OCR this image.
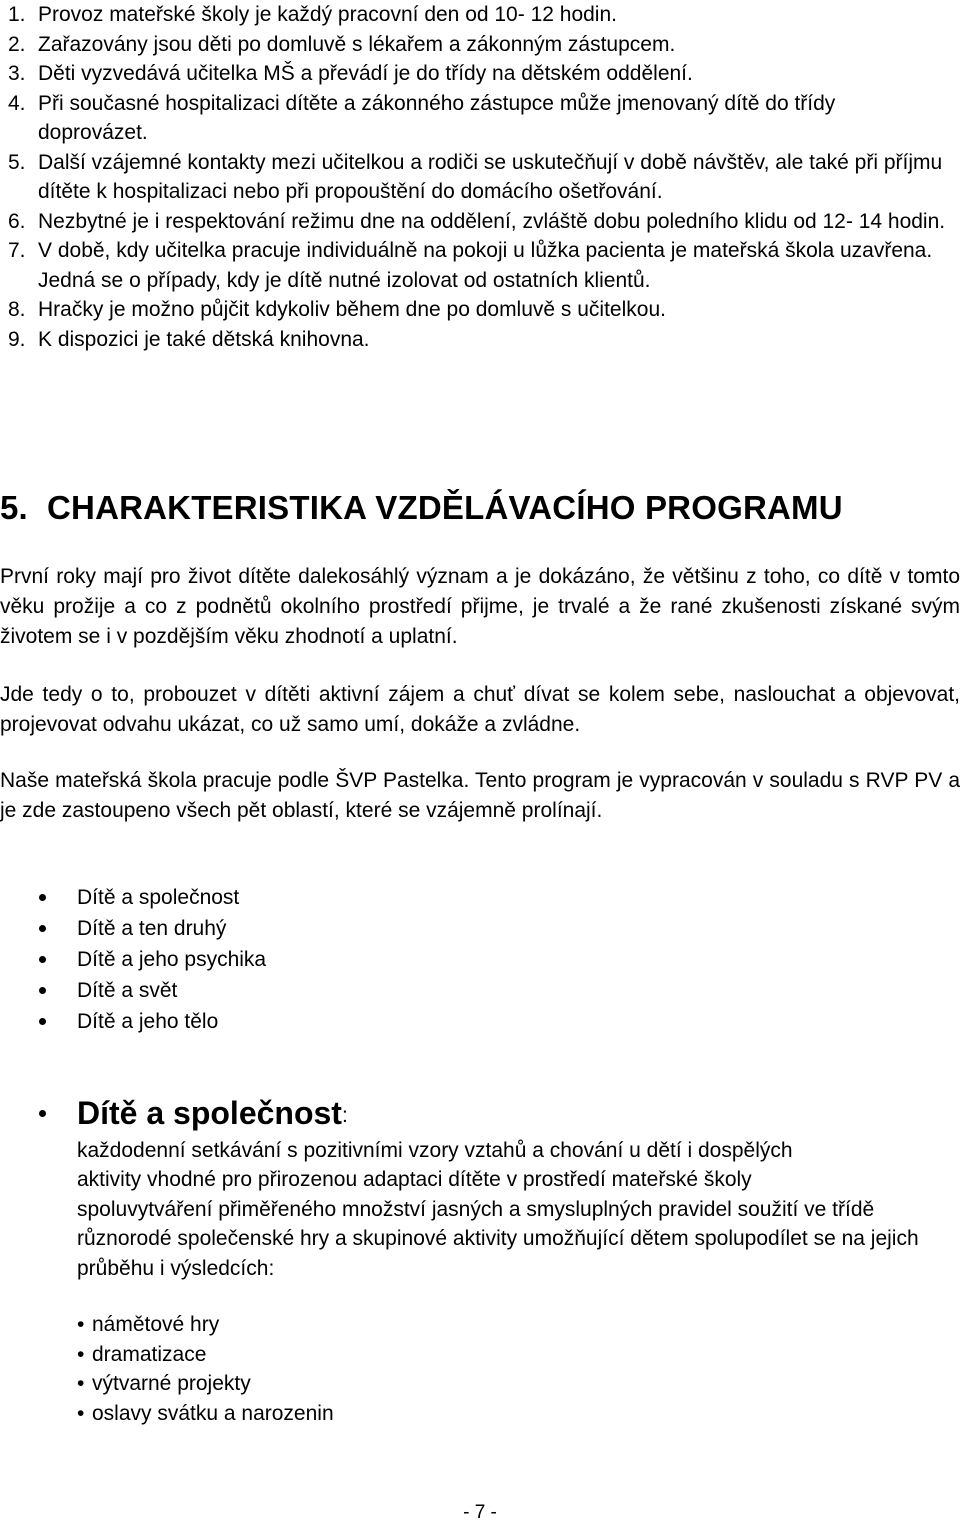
1. Provoz mateřské školy je každý pracovní den od 10- 12 hodin.
2. Zařazovány jsou děti po domluvě s lékařem a zákonným zástupcem.
3. Děti vyzvedává učitelka MŠ a převádí je do třídy na dětském oddělení.
4. Při současné hospitalizaci dítěte a zákonného zástupce může jmenovaný dítě do třídy doprovázet.
5. Další vzájemné kontakty mezi učitelkou a rodiči se uskutečňují v době návštěv, ale také při příjmu dítěte k hospitalizaci nebo při propouštění do domácího ošetřování.
6. Nezbytné je i respektování režimu dne na oddělení, zvláště dobu poledního klidu od 12- 14 hodin.
7. V době, kdy učitelka pracuje individuálně na pokoji u lůžka pacienta je mateřská škola uzavřena. Jedná se o případy, kdy je dítě nutné izolovat od ostatních klientů.
8. Hračky je možno půjčit kdykoliv během dne po domluvě s učitelkou.
9. K dispozici je také dětská knihovna.
5. CHARAKTERISTIKA VZDĚLÁVACÍHO PROGRAMU

První roky mají pro život dítěte dalekosáhlý význam a je dokázáno, že většinu z toho, co dítě v tomto věku prožije a co z podnětů okolního prostředí přijme, je trvalé a že rané zkušenosti získané svým životem se i v pozdějším věku zhodnotí a uplatní.

Jde tedy o to, probouzet v dítěti aktivní zájem a chuť dívat se kolem sebe, naslouchat a objevovat, projevovat odvahu ukázat, co už samo umí, dokáže a zvládne.

Naše mateřská škola pracuje podle ŠVP Pastelka. Tento program je vypracován v souladu s RVP PV a je zde zastoupeno všech pět oblastí, které se vzájemně prolínají.

Dítě a společnost
Dítě a ten druhý
Dítě a jeho psychika
Dítě a svět
Dítě a jeho tělo
Dítě a společnost :
každodenní setkávání s pozitivními vzory vztahů a chování u dětí i dospělých
aktivity vhodné pro přirozenou adaptaci dítěte v prostředí mateřské školy
spoluvytváření přiměřeného množství jasných a smysluplných pravidel soužití ve třídě
různorodé společenské hry a skupinové aktivity umožňující dětem spolupodílet se na jejich průběhu i výsledcích:
• námětové hry
• dramatizace
• výtvarné projekty
• oslavy svátku a narozenin
- 7 -
